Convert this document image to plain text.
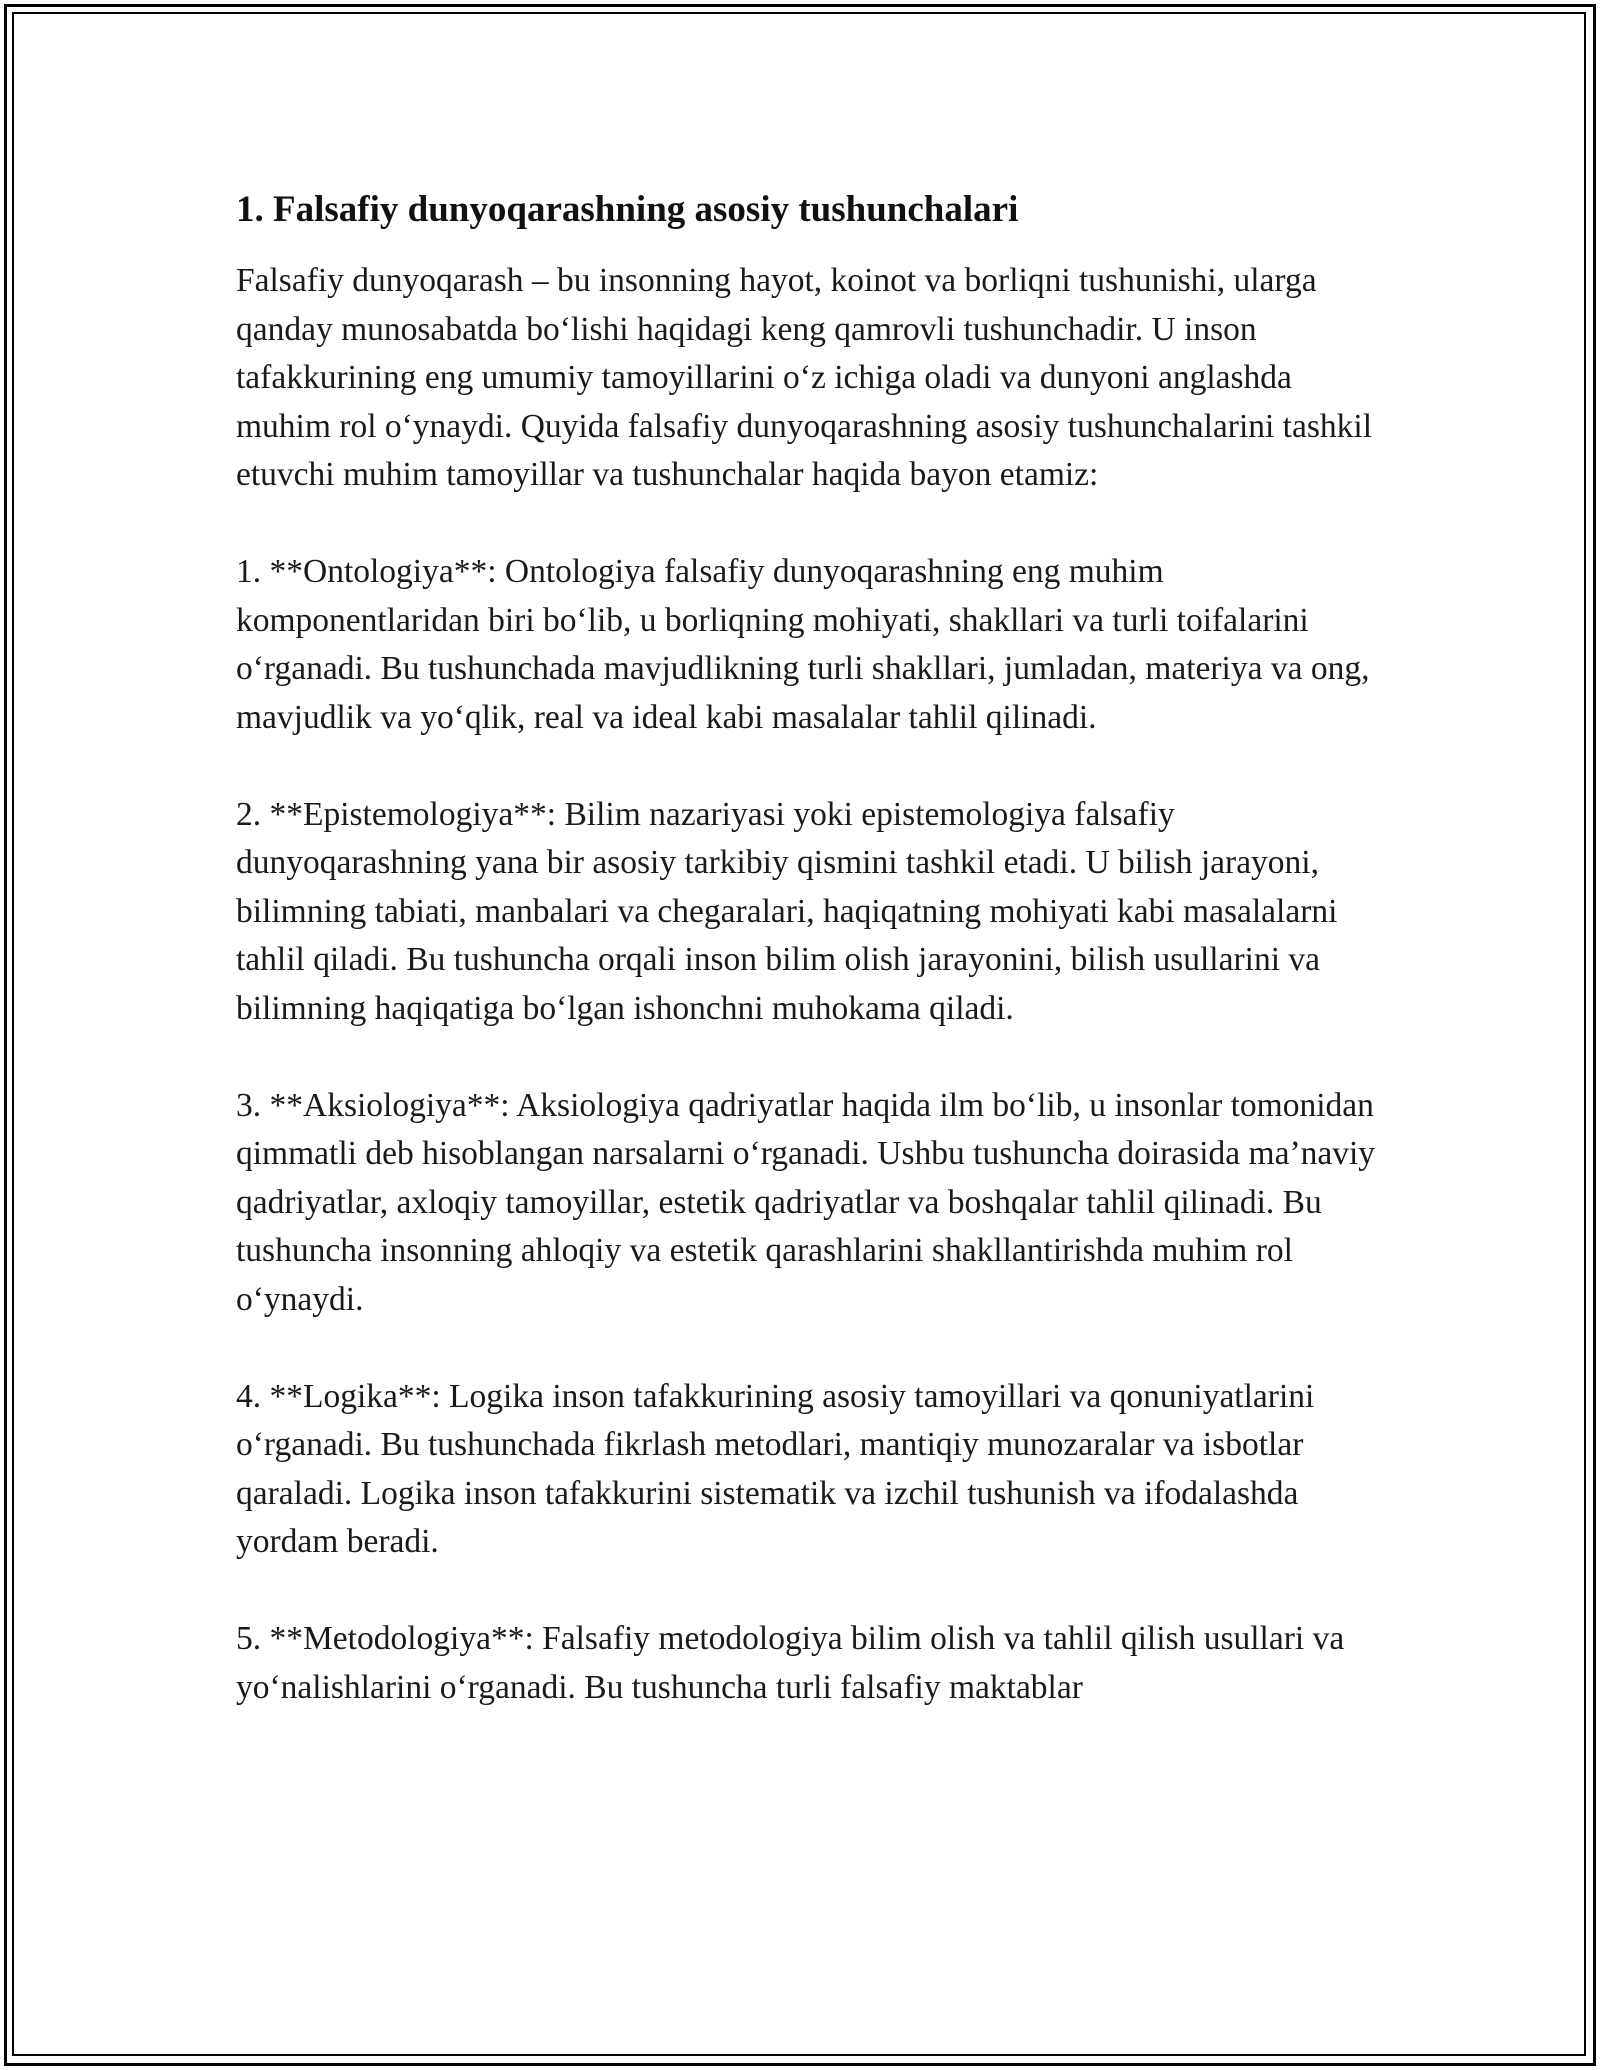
1. Falsafiy dunyoqarashning asosiy tushunchalari

Falsafiy dunyoqarash – bu insonning hayot, koinot va borliqni tushunishi, ularga qanday munosabatda boʻlishi haqidagi keng qamrovli tushunchadir. U inson tafakkurining eng umumiy tamoyillarini oʻz ichiga oladi va dunyoni anglashda muhim rol oʻynaydi. Quyida falsafiy dunyoqarashning asosiy tushunchalarini tashkil etuvchi muhim tamoyillar va tushunchalar haqida bayon etamiz:

1. **Ontologiya**: Ontologiya falsafiy dunyoqarashning eng muhim komponentlaridan biri boʻlib, u borliqning mohiyati, shakllari va turli toifalarini oʻrganadi. Bu tushunchada mavjudlikning turli shakllari, jumladan, materiya va ong, mavjudlik va yoʻqlik, real va ideal kabi masalalar tahlil qilinadi.

2. **Epistemologiya**: Bilim nazariyasi yoki epistemologiya falsafiy dunyoqarashning yana bir asosiy tarkibiy qismini tashkil etadi. U bilish jarayoni, bilimning tabiati, manbalari va chegaralari, haqiqatning mohiyati kabi masalalarni tahlil qiladi. Bu tushuncha orqali inson bilim olish jarayonini, bilish usullarini va bilimning haqiqatiga boʻlgan ishonchni muhokama qiladi.

3. **Aksiologiya**: Aksiologiya qadriyatlar haqida ilm boʻlib, u insonlar tomonidan qimmatli deb hisoblangan narsalarni oʻrganadi. Ushbu tushuncha doirasida maʼnaviy qadriyatlar, axloqiy tamoyillar, estetik qadriyatlar va boshqalar tahlil qilinadi. Bu tushuncha insonning ahloqiy va estetik qarashlarini shakllantirishda muhim rol oʻynaydi.

4. **Logika**: Logika inson tafakkurining asosiy tamoyillari va qonuniyatlarini oʻrganadi. Bu tushunchada fikrlash metodlari, mantiqiy munozaralar va isbotlar qaraladi. Logika inson tafakkurini sistematik va izchil tushunish va ifodalashda yordam beradi.

5. **Metodologiya**: Falsafiy metodologiya bilim olish va tahlil qilish usullari va yoʻnalishlarini oʻrganadi. Bu tushuncha turli falsafiy maktablar
